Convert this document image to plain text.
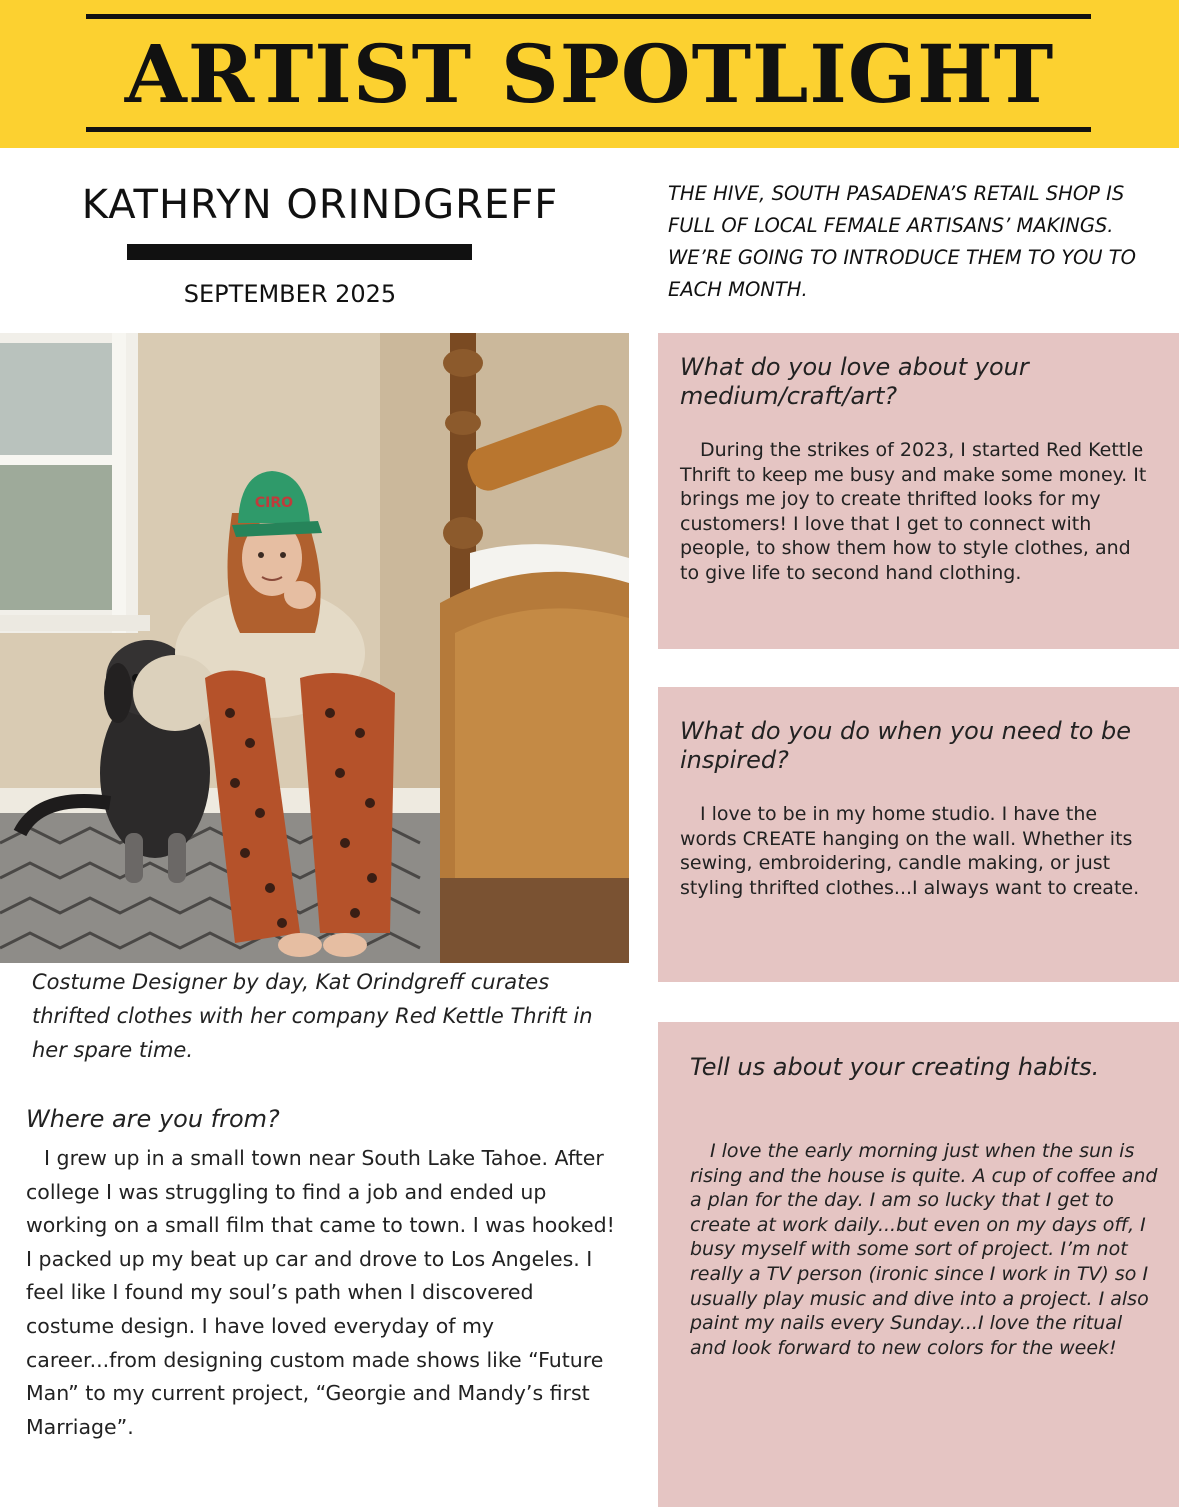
ARTIST SPOTLIGHT
KATHRYN ORINDGREFF
SEPTEMBER 2025

THE HIVE, SOUTH PASADENA’S RETAIL SHOP IS FULL OF LOCAL FEMALE ARTISANS’ MAKINGS. WE’RE GOING TO INTRODUCE THEM TO YOU TO EACH MONTH.

CIRO

Costume Designer by day, Kat Orindgreff curates thrifted clothes with her company Red Kettle Thrift in her spare time.

Where are you from?

I grew up in a small town near South Lake Tahoe. After college I was struggling to find a job and ended up working on a small film that came to town. I was hooked! I packed up my beat up car and drove to Los Angeles. I feel like I found my soul’s path when I discovered costume design. I have loved everyday of my career...from designing custom made shows like “Future Man” to my current project, “Georgie and Mandy’s first Marriage”.

What do you love about your medium/craft/art?

During the strikes of 2023, I started Red Kettle Thrift to keep me busy and make some money. It brings me joy to create thrifted looks for my customers! I love that I get to connect with people, to show them how to style clothes, and to give life to second hand clothing.

What do you do when you need to be inspired?

I love to be in my home studio. I have the words CREATE hanging on the wall. Whether its sewing, embroidering, candle making, or just styling thrifted clothes...I always want to create.

Tell us about your creating habits.

I love the early morning just when the sun is rising and the house is quite. A cup of coffee and a plan for the day. I am so lucky that I get to create at work daily...but even on my days off, I busy myself with some sort of project. I’m not really a TV person (ironic since I work in TV) so I usually play music and dive into a project. I also paint my nails every Sunday...I love the ritual and look forward to new colors for the week!
